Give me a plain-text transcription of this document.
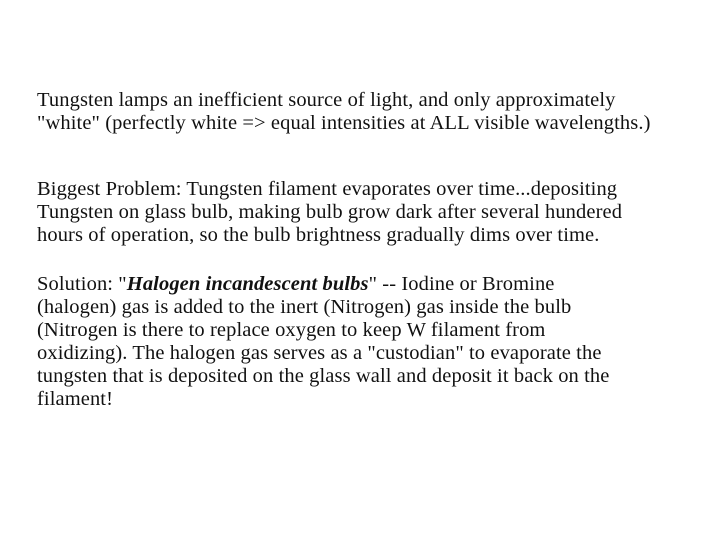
Tungsten lamps an inefficient source of light, and only approximately
"white" (perfectly white => equal intensities at ALL visible wavelengths.)
Biggest Problem: Tungsten filament evaporates over time...depositing
Tungsten on glass bulb, making bulb grow dark after several hundered
hours of operation, so the bulb brightness gradually dims over time.
Solution: "Halogen incandescent bulbs" -- Iodine or Bromine
(halogen) gas is added to the inert (Nitrogen) gas inside the bulb
(Nitrogen is there to replace oxygen to keep W filament from
oxidizing). The halogen gas serves as a "custodian" to evaporate the
tungsten that is deposited on the glass wall and deposit it back on the
filament!
